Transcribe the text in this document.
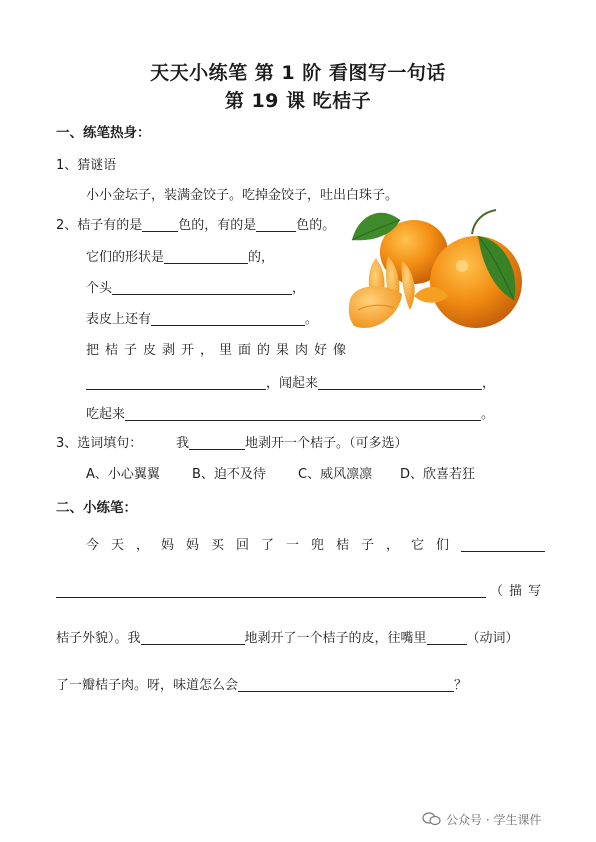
天天小练笔 第 1 阶 看图写一句话
第 19 课 吃桔子
一、练笔热身：
1、猜谜语
小小金坛子，装满金饺子。吃掉金饺子，吐出白珠子。
2、桔子有的是	色的，有的是	色的。
它们的形状是	的，
个头	，
表皮上还有	。
把桔子皮剥开，里面的果肉好像
，闻起来	，
吃起来	。
3、选词填句：	我	地剥开一个桔子。（可多选）
A、小心翼翼 B、迫不及待 C、威风凛凛 D、欣喜若狂
二、小练笔：
今天，妈妈买回了一兜桔子，它们
（描写
桔子外貌）。我	地剥开了一个桔子的皮，往嘴里	（动词）
了一瓣桔子肉。呀，味道怎么会	？
公众号 · 学生课件
